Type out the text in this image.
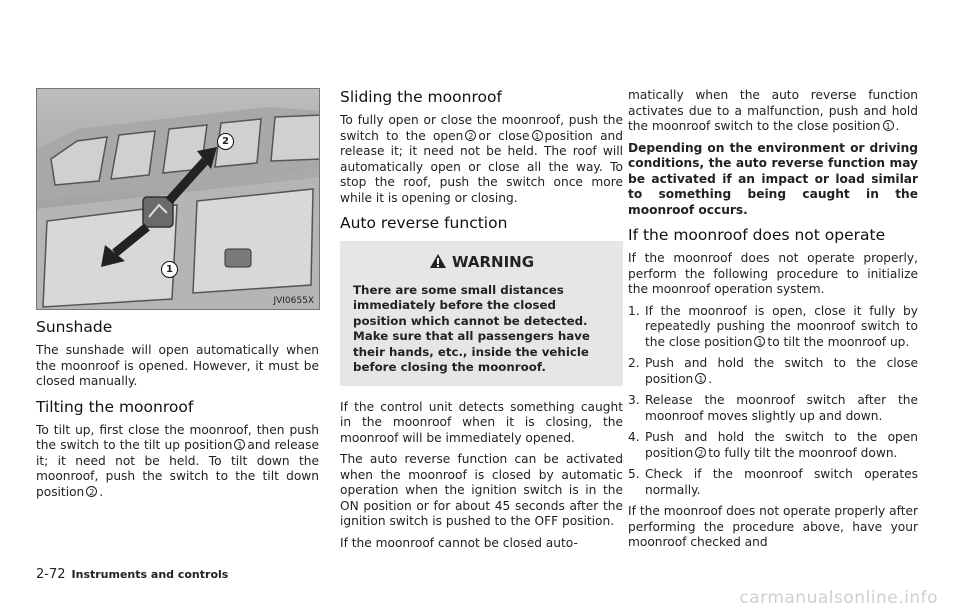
2
1
JVI0655X
Sunshade

The sunshade will open automatically when the moonroof is opened. However, it must be closed manually.

Tilting the moonroof

To tilt up, first close the moonroof, then push the switch to the tilt up position 1 and release it; it need not be held. To tilt down the moonroof, push the switch to the tilt down position 2 .

Sliding the moonroof

To fully open or close the moonroof, push the switch to the open 2 or close 1 position and release it; it need not be held. The roof will automatically open or close all the way. To stop the roof, push the switch once more while it is opening or closing.

Auto reverse function
WARNING
There are some small distances immediately before the closed position which cannot be detected. Make sure that all passengers have their hands, etc., inside the vehicle before closing the moonroof.

If the control unit detects something caught in the moonroof when it is closing, the moonroof will be immediately opened.

The auto reverse function can be activated when the moonroof is closed by automatic operation when the ignition switch is in the ON position or for about 45 seconds after the ignition switch is pushed to the OFF position.

If the moonroof cannot be closed auto-

matically when the auto reverse function activates due to a malfunction, push and hold the moonroof switch to the close position 1 .

Depending on the environment or driving conditions, the auto reverse function may be activated if an impact or load similar to something being caught in the moonroof occurs.

If the moonroof does not operate

If the moonroof does not operate properly, perform the following procedure to initialize the moonroof operation system.

1. If the moonroof is open, close it fully by repeatedly pushing the moonroof switch to the close position 1 to tilt the moonroof up.
2. Push and hold the switch to the close position 1 .
3. Release the moonroof switch after the moonroof moves slightly up and down.
4. Push and hold the switch to the open position 2 to fully tilt the moonroof down.
5. Check if the moonroof switch operates normally.

If the moonroof does not operate properly after performing the procedure above, have your moonroof checked and

2-72 Instruments and controls
carmanualsonline.info
